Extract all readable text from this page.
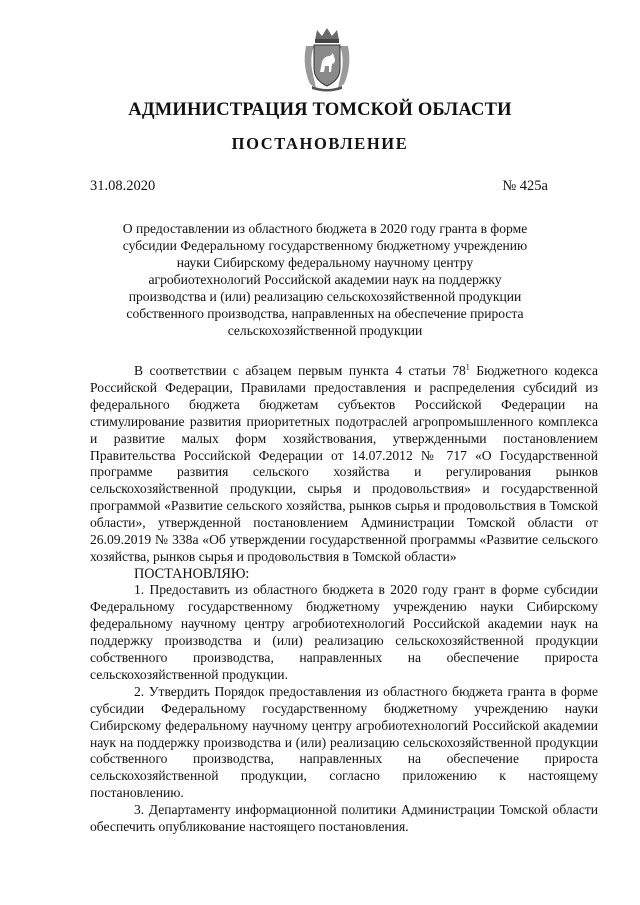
АДМИНИСТРАЦИЯ ТОМСКОЙ ОБЛАСТИ
ПОСТАНОВЛЕНИЕ
31.08.2020	№ 425а
О предоставлении из областного бюджета в 2020 году гранта в форме субсидии Федеральному государственному бюджетному учреждению науки Сибирскому федеральному научному центру агробиотехнологий Российской академии наук на поддержку производства и (или) реализацию сельскохозяйственной продукции собственного производства, направленных на обеспечение прироста сельскохозяйственной продукции

В соответствии с абзацем первым пункта 4 статьи $78^1$ Бюджетного кодекса Российской Федерации, Правилами предоставления и распределения субсидий из федерального бюджета бюджетам субъектов Российской Федерации на стимулирование развития приоритетных подотраслей агропромышленного комплекса и развитие малых форм хозяйствования, утвержденными постановлением Правительства Российской Федерации от 14.07.2012 № 717 «О Государственной программе развития сельского хозяйства и регулирования рынков сельскохозяйственной продукции, сырья и продовольствия» и государственной программой «Развитие сельского хозяйства, рынков сырья и продовольствия в Томской области», утвержденной постановлением Администрации Томской области от 26.09.2019 № 338а «Об утверждении государственной программы «Развитие сельского хозяйства, рынков сырья и продовольствия в Томской области»

ПОСТАНОВЛЯЮ:

1. Предоставить из областного бюджета в 2020 году грант в форме субсидии Федеральному государственному бюджетному учреждению науки Сибирскому федеральному научному центру агробиотехнологий Российской академии наук на поддержку производства и (или) реализацию сельскохозяйственной продукции собственного производства, направленных на обеспечение прироста сельскохозяйственной продукции.

2. Утвердить Порядок предоставления из областного бюджета гранта в форме субсидии Федеральному государственному бюджетному учреждению науки Сибирскому федеральному научному центру агробиотехнологий Российской академии наук на поддержку производства и (или) реализацию сельскохозяйственной продукции собственного производства, направленных на обеспечение прироста сельскохозяйственной продукции, согласно приложению к настоящему постановлению.

3. Департаменту информационной политики Администрации Томской области обеспечить опубликование настоящего постановления.
